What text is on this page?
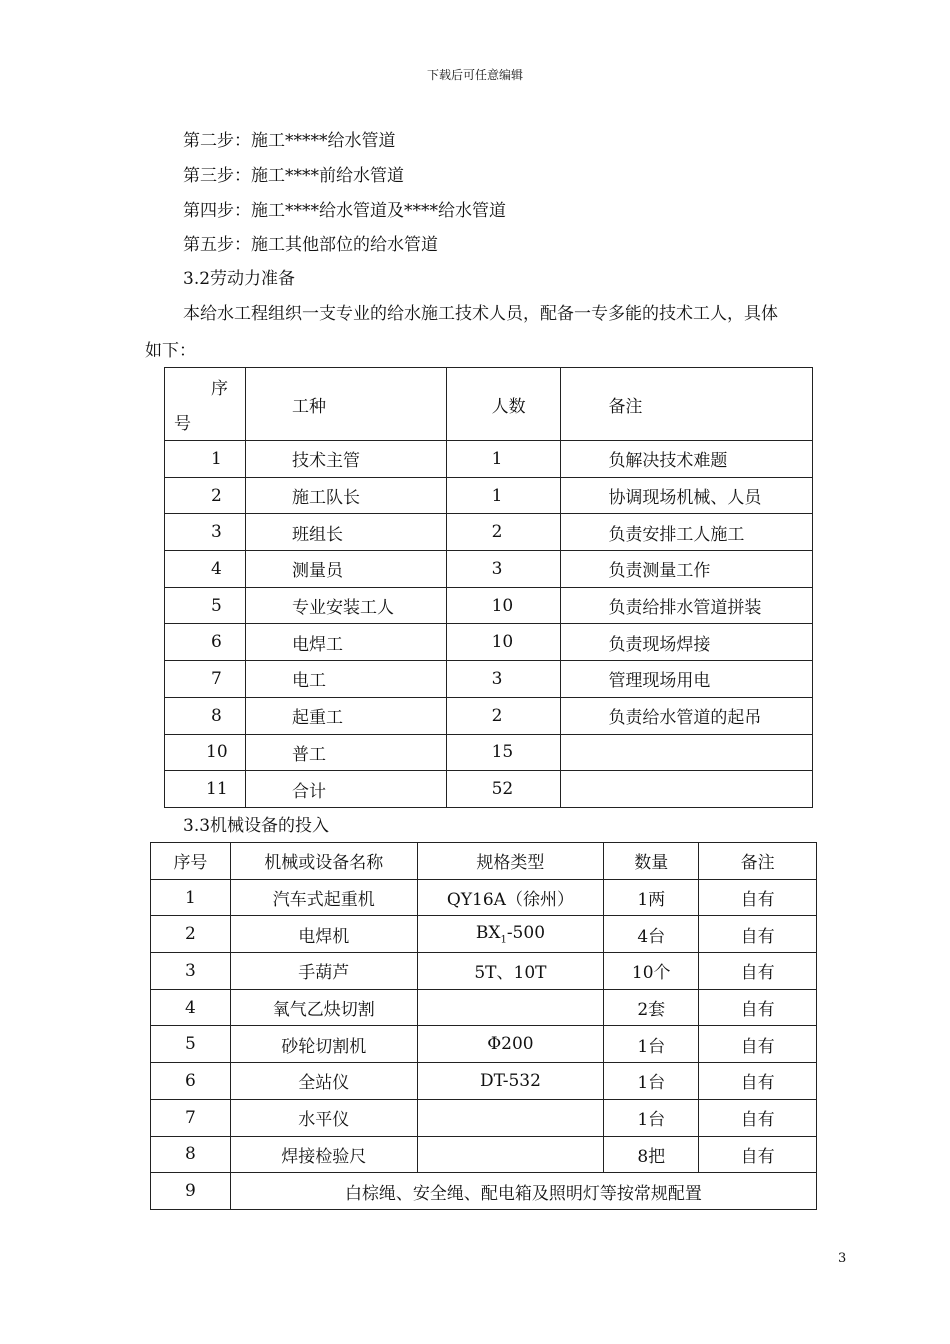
下载后可任意编辑
第二步：施工*****给水管道
第三步：施工****前给水管道
第四步：施工****给水管道及****给水管道
第五步：施工其他部位的给水管道
3.2劳动力准备
本给水工程组织一支专业的给水施工技术人员，配备一专多能的技术工人，具体
如下：
序
号	工种	人数	备注
1	技术主管	1	负解决技术难题
2	施工队长	1	协调现场机械、人员
3	班组长	2	负责安排工人施工
4	测量员	3	负责测量工作
5	专业安装工人	10	负责给排水管道拼装
6	电焊工	10	负责现场焊接
7	电工	3	管理现场用电
8	起重工	2	负责给水管道的起吊
10	普工	15	
11	合计	52	
3.3机械设备的投入
序号	机械或设备名称	规格类型	数量	备注
1	汽车式起重机	QY16A（徐州）	1两	自有
2	电焊机	$BX_1-500$	4台	自有
3	手葫芦	5T、10T	10个	自有
4	氧气乙炔切割		2套	自有
5	砂轮切割机	Φ200	1台	自有
6	全站仪	DT-532	1台	自有
7	水平仪		1台	自有
8	焊接检验尺		8把	自有
9	白棕绳、安全绳、配电箱及照明灯等按常规配置			
3
